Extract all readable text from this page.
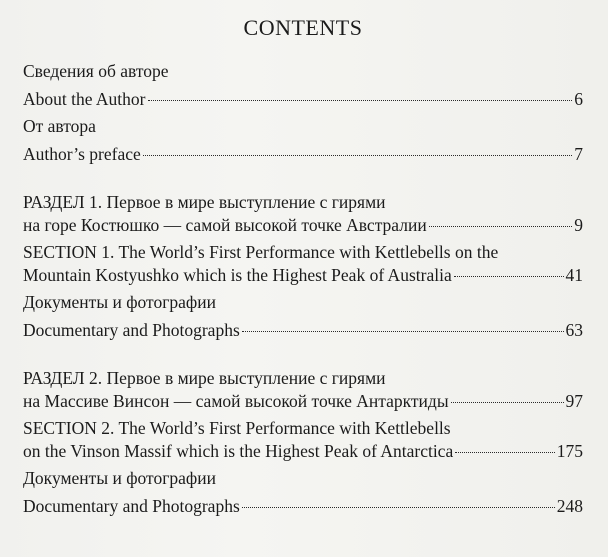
CONTENTS
Сведения об авторе
About the Author	6
От автора
Author’s preface	7
РАЗДЕЛ 1. Первое в мире выступление с гирями
на горе Костюшко — самой высокой точке Австралии	9
SECTION 1. The World’s First Performance with Kettlebells on the
Mountain Kostyushko which is the Highest Peak of Australia	41
Документы и фотографии
Documentary and Photographs	63
РАЗДЕЛ 2. Первое в мире выступление с гирями
на Массиве Винсон — самой высокой точке Антарктиды	97
SECTION 2. The World’s First Performance with Kettlebells
on the Vinson Massif which is the Highest Peak of Antarctica	175
Документы и фотографии
Documentary and Photographs	248
